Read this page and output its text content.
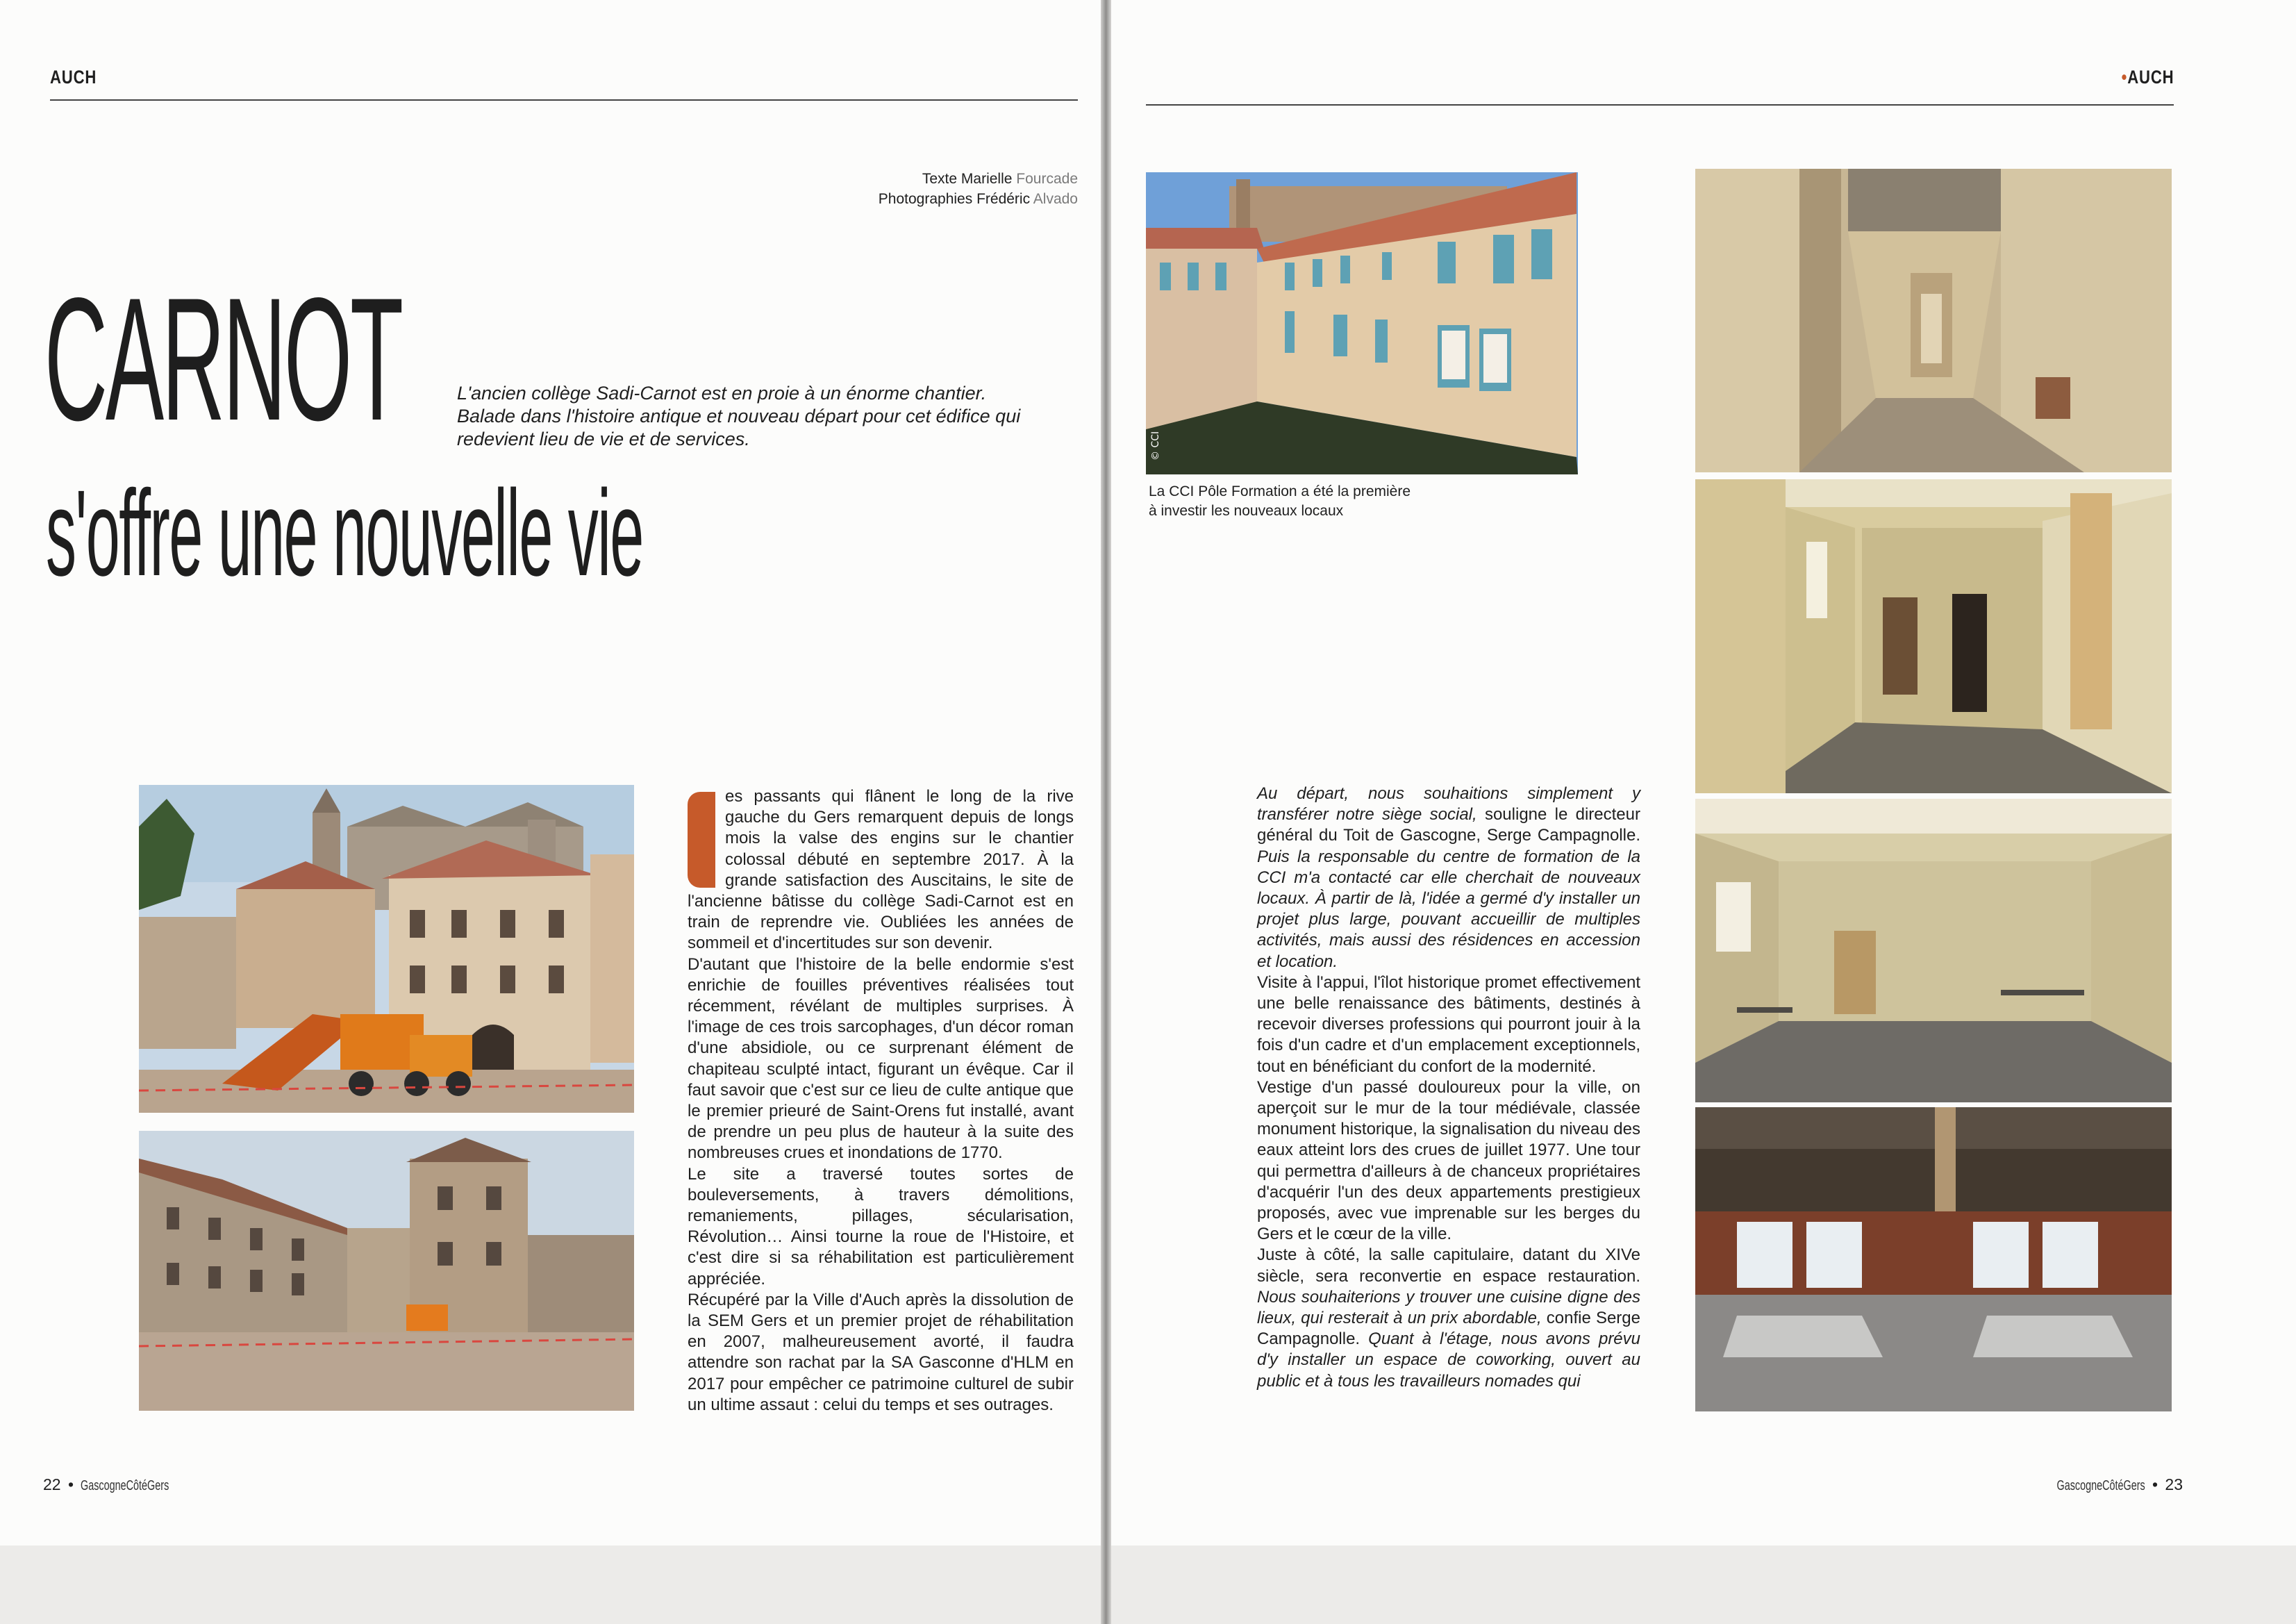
AUCH
Texte Marielle Fourcade
Photographies Frédéric Alvado
CARNOT	L'ancien collège Sadi-Carnot est en proie à un énorme chantier. Balade dans l'histoire antique et nouveau départ pour cet édifice qui redevient lieu de vie et de services.
s'offre une nouvelle vie

es passants qui flânent le long de la rive gauche du Gers remarquent depuis de longs mois la valse des engins sur le chantier colossal débuté en septembre 2017. À la grande satisfaction des Auscitains, le site de l'ancienne bâtisse du collège Sadi-Carnot est en train de reprendre vie. Oubliées les années de sommeil et d'incertitudes sur son devenir.

D'autant que l'histoire de la belle endormie s'est enrichie de fouilles préventives réalisées tout récemment, révélant de multiples surprises. À l'image de ces trois sarcophages, d'un décor roman d'une absidiole, ou ce surprenant élément de chapiteau sculpté intact, figurant un évêque. Car il faut savoir que c'est sur ce lieu de culte antique que le premier prieuré de Saint-Orens fut installé, avant de prendre un peu plus de hauteur à la suite des nombreuses crues et inondations de 1770.

Le site a traversé toutes sortes de bouleversements, à travers démolitions, remaniements, pillages, sécularisation, Révolution… Ainsi tourne la roue de l'Histoire, et c'est dire si sa réhabilitation est particulièrement appréciée.

Récupéré par la Ville d'Auch après la dissolution de la SEM Gers et un premier projet de réhabilitation en 2007, malheureusement avorté, il faudra attendre son rachat par la SA Gasconne d'HLM en 2017 pour empêcher ce patrimoine culturel de subir un ultime assaut : celui du temps et ses outrages.

22 • GascogneCôtéGers
•AUCH
© CCI
La CCI Pôle Formation a été la première
à investir les nouveaux locaux

Au départ, nous souhaitions simplement y transférer notre siège social, souligne le directeur général du Toit de Gascogne, Serge Campagnolle. Puis la responsable du centre de formation de la CCI m'a contacté car elle cherchait de nouveaux locaux. À partir de là, l'idée a germé d'y installer un projet plus large, pouvant accueillir de multiples activités, mais aussi des résidences en accession et location.

Visite à l'appui, l'îlot historique promet effectivement une belle renaissance des bâtiments, destinés à recevoir diverses professions qui pourront jouir à la fois d'un cadre et d'un emplacement exceptionnels, tout en bénéficiant du confort de la modernité.

Vestige d'un passé douloureux pour la ville, on aperçoit sur le mur de la tour médiévale, classée monument historique, la signalisation du niveau des eaux atteint lors des crues de juillet 1977. Une tour qui permettra d'ailleurs à de chanceux propriétaires d'acquérir l'un des deux appartements prestigieux proposés, avec vue imprenable sur les berges du Gers et le cœur de la ville.

Juste à côté, la salle capitulaire, datant du XIVe siècle, sera reconvertie en espace restauration. Nous souhaiterions y trouver une cuisine digne des lieux, qui resterait à un prix abordable, confie Serge Campagnolle. Quant à l'étage, nous avons prévu d'y installer un espace de coworking, ouvert au public et à tous les travailleurs nomades qui

GascogneCôtéGers • 23
